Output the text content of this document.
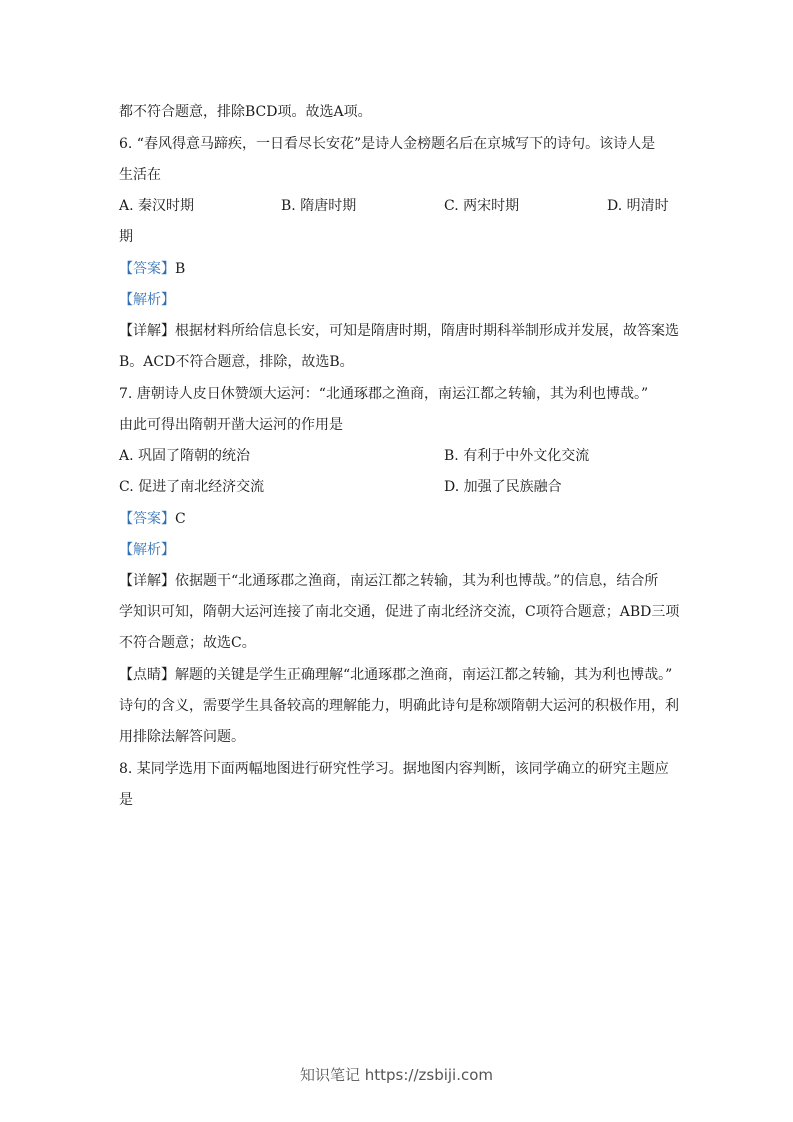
都不符合题意，排除BCD项。故选A项。
6. “春风得意马蹄疾，一日看尽长安花”是诗人金榜题名后在京城写下的诗句。该诗人是
生活在
A. 秦汉时期	B. 隋唐时期	C. 两宋时期	D. 明清时
期
【答案】B
【解析】
【详解】根据材料所给信息长安，可知是隋唐时期，隋唐时期科举制形成并发展，故答案选
B。ACD不符合题意，排除，故选B。
7. 唐朝诗人皮日休赞颂大运河：“北通琢郡之渔商，南运江都之转输，其为利也博哉。”
由此可得出隋朝开凿大运河的作用是
A. 巩固了隋朝的统治	B. 有利于中外文化交流
C. 促进了南北经济交流	D. 加强了民族融合
【答案】C
【解析】
【详解】依据题干“北通琢郡之渔商，南运江都之转输，其为利也博哉。”的信息，结合所
学知识可知，隋朝大运河连接了南北交通，促进了南北经济交流，C项符合题意；ABD三项
不符合题意；故选C。
【点睛】解题的关键是学生正确理解“北通琢郡之渔商，南运江都之转输，其为利也博哉。”
诗句的含义，需要学生具备较高的理解能力，明确此诗句是称颂隋朝大运河的积极作用，利
用排除法解答问题。
8. 某同学选用下面两幅地图进行研究性学习。据地图内容判断，该同学确立的研究主题应
是
知识笔记 https://zsbiji.com
